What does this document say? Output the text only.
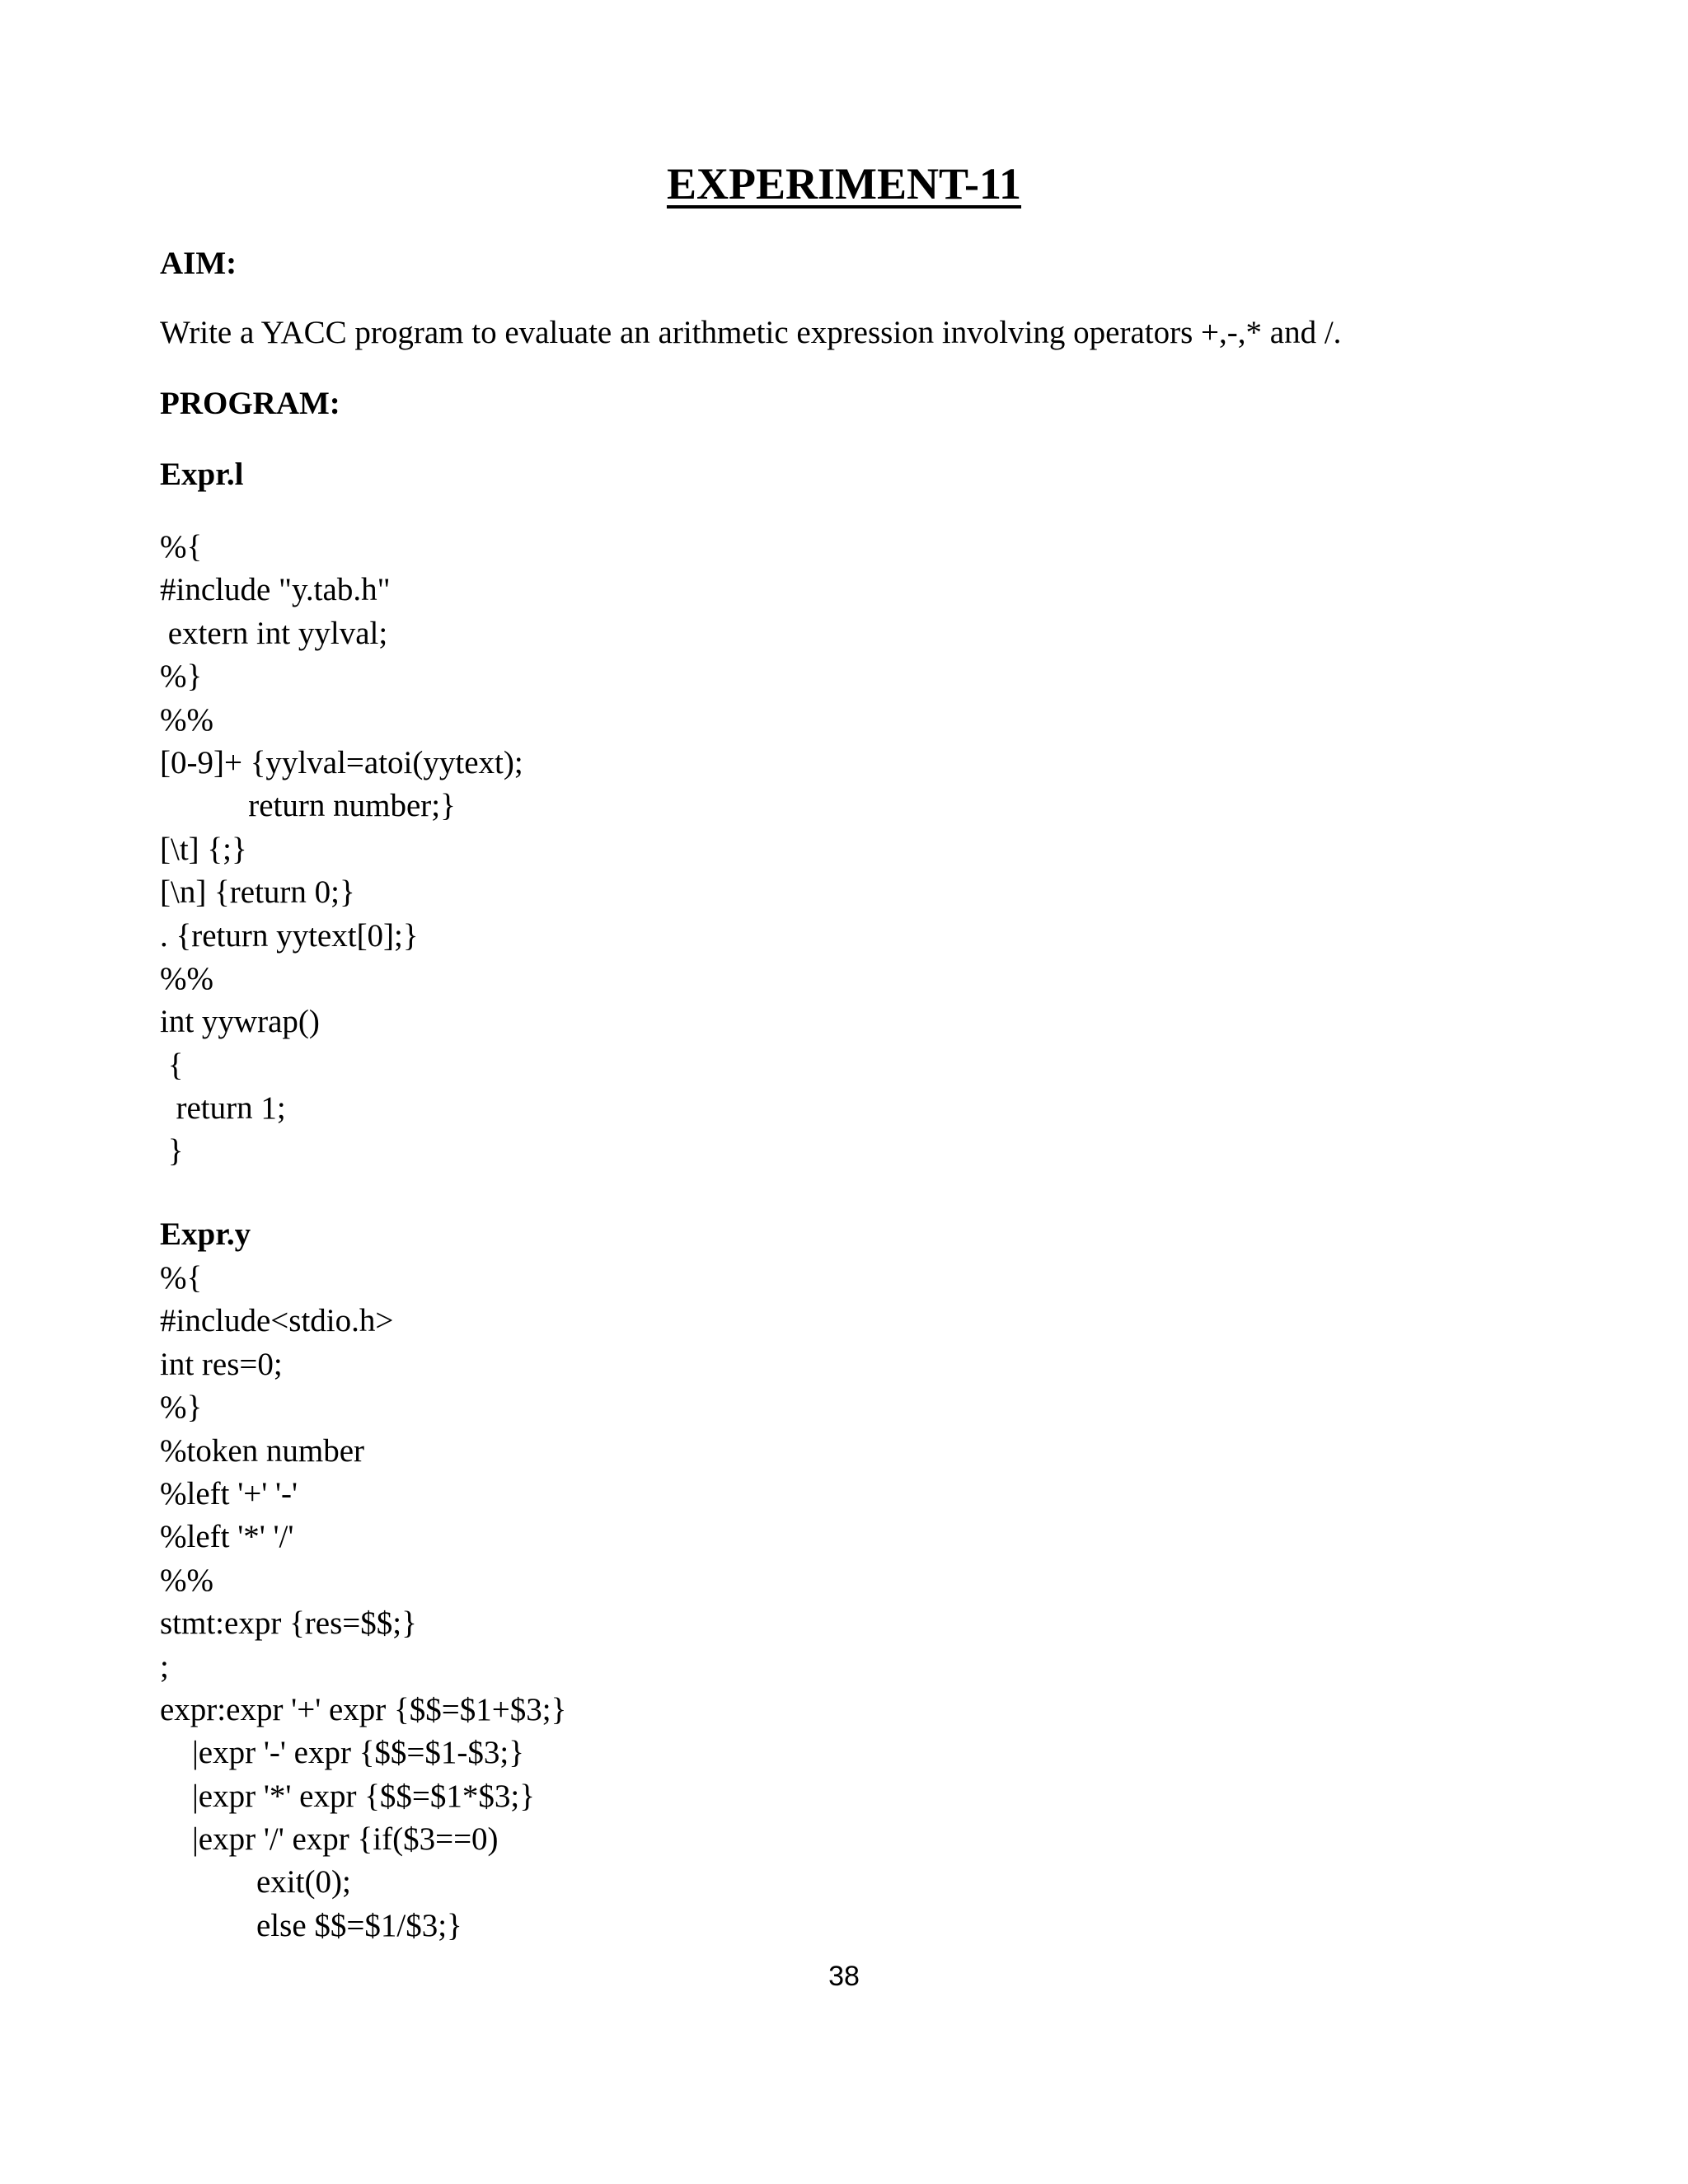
EXPERIMENT-11

AIM:

Write a YACC program to evaluate an arithmetic expression involving operators +,-,* and /.

PROGRAM:

Expr.l

%{
#include "y.tab.h"
extern int yylval;
%}
%%
[0-9]+ {yylval=atoi(yytext);
return number;}
[\t] {;}
[\n] {return 0;}
. {return yytext[0];}
%%
int yywrap()
{
return 1;
}

Expr.y

%{
#include<stdio.h>
int res=0;
%}
%token number
%left '+' '-'
%left '*' '/'
%%
stmt:expr {res=$$;}
;
expr:expr '+' expr {$$=$1+$3;}
|expr '-' expr {$$=$1-$3;}
|expr '*' expr {$$=$1*$3;}
|expr '/' expr {if($3==0)
exit(0);
else $$=$1/$3;}
38
